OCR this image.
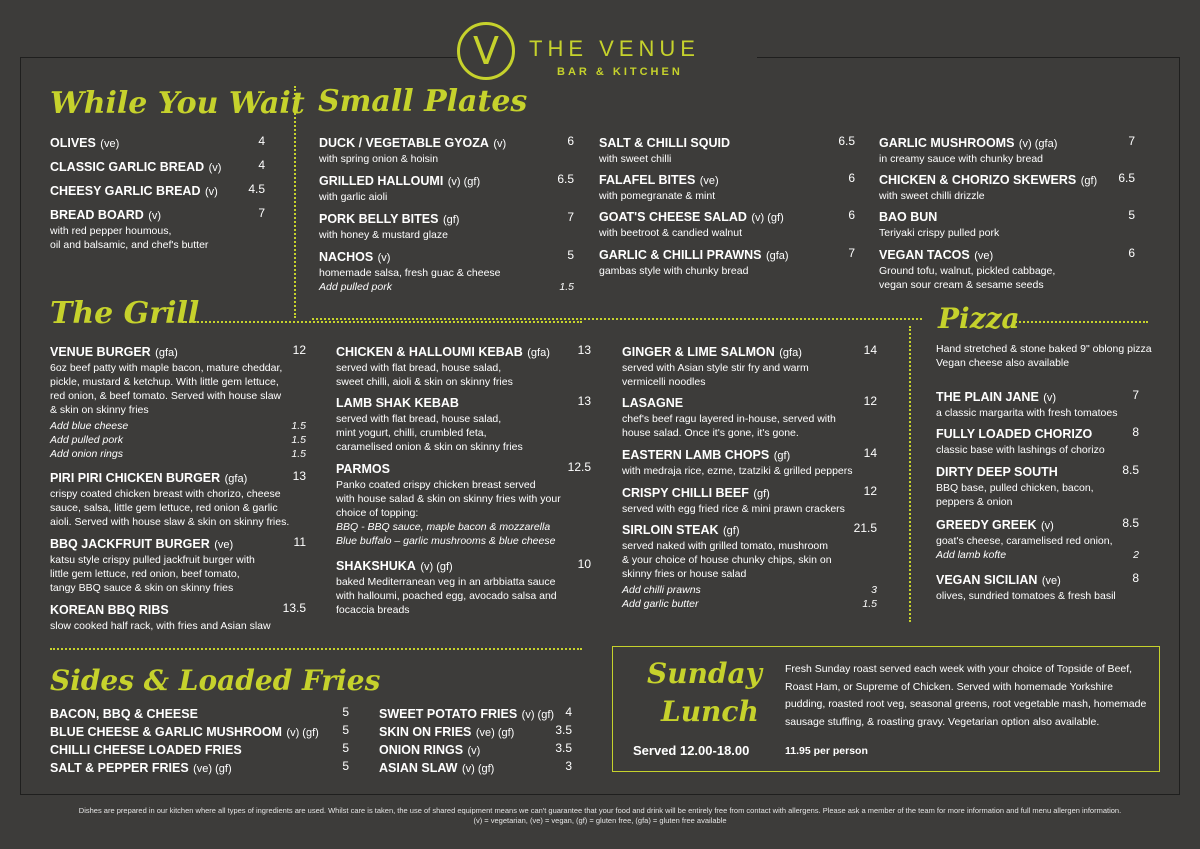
V	THE VENUE
BAR & KITCHEN
While You Wait Small Plates
The Grill	Pizza
Sides & Loaded Fries
Hand stretched & stone baked 9" oblong pizza
Vegan cheese also available
OLIVES (ve)	4
CLASSIC GARLIC BREAD (v)	4
CHEESY GARLIC BREAD (v)	4.5
BREAD BOARD (v)	7
with red pepper houmous,
oil and balsamic, and chef's butter
DUCK / VEGETABLE GYOZA (v)	6
with spring onion & hoisin
GRILLED HALLOUMI (v) (gf)	6.5
with garlic aioli
PORK BELLY BITES (gf)	7
with honey & mustard glaze
NACHOS (v)	5
homemade salsa, fresh guac & cheese
Add pulled pork	1.5
SALT & CHILLI SQUID	6.5
with sweet chilli
FALAFEL BITES (ve)	6
with pomegranate & mint
GOAT'S CHEESE SALAD (v) (gf)	6
with beetroot & candied walnut
GARLIC & CHILLI PRAWNS (gfa)	7
gambas style with chunky bread
GARLIC MUSHROOMS (v) (gfa)	7
in creamy sauce with chunky bread
CHICKEN & CHORIZO SKEWERS (gf) 6.5
with sweet chilli drizzle
BAO BUN	5
Teriyaki crispy pulled pork
VEGAN TACOS (ve)	6
Ground tofu, walnut, pickled cabbage,
vegan sour cream & sesame seeds
VENUE BURGER (gfa)	12
6oz beef patty with maple bacon, mature cheddar,
pickle, mustard & ketchup. With little gem lettuce,
red onion, & beef tomato. Served with house slaw
& skin on skinny fries
Add blue cheese	1.5
Add pulled pork	1.5
Add onion rings	1.5
PIRI PIRI CHICKEN BURGER (gfa)	13
crispy coated chicken breast with chorizo, cheese
sauce, salsa, little gem lettuce, red onion & garlic
aioli. Served with house slaw & skin on skinny fries.
BBQ JACKFRUIT BURGER (ve)	11
katsu style crispy pulled jackfruit burger with
little gem lettuce, red onion, beef tomato,
tangy BBQ sauce & skin on skinny fries
KOREAN BBQ RIBS	13.5
slow cooked half rack, with fries and Asian slaw
CHICKEN & HALLOUMI KEBAB (gfa) 13
served with flat bread, house salad,
sweet chilli, aioli & skin on skinny fries
LAMB SHAK KEBAB	13
served with flat bread, house salad,
mint yogurt, chilli, crumbled feta,
caramelised onion & skin on skinny fries
PARMOS	12.5
Panko coated crispy chicken breast served
with house salad & skin on skinny fries with your
choice of topping:
BBQ - BBQ sauce, maple bacon & mozzarella
Blue buffalo – garlic mushrooms & blue cheese
SHAKSHUKA (v) (gf)	10
baked Mediterranean veg in an arbbiatta sauce
with halloumi, poached egg, avocado salsa and
focaccia breads
GINGER & LIME SALMON (gfa)	14
served with Asian style stir fry and warm
vermicelli noodles
LASAGNE	12
chef's beef ragu layered in-house, served with
house salad. Once it's gone, it's gone.
EASTERN LAMB CHOPS (gf)	14
with medraja rice, ezme, tzatziki & grilled peppers
CRISPY CHILLI BEEF (gf)	12
served with egg fried rice & mini prawn crackers
SIRLOIN STEAK (gf)	21.5
served naked with grilled tomato, mushroom
& your choice of house chunky chips, skin on
skinny fries or house salad
Add chilli prawns	3
Add garlic butter	1.5
THE PLAIN JANE (v)	7
a classic margarita with fresh tomatoes
FULLY LOADED CHORIZO	8
classic base with lashings of chorizo
DIRTY DEEP SOUTH	8.5
BBQ base, pulled chicken, bacon,
peppers & onion
GREEDY GREEK (v)	8.5
goat's cheese, caramelised red onion,
Add lamb kofte	2
VEGAN SICILIAN (ve)	8
olives, sundried tomatoes & fresh basil
BACON, BBQ & CHEESE	5
BLUE CHEESE & GARLIC MUSHROOM (v) (gf) 5
CHILLI CHEESE LOADED FRIES	5
SALT & PEPPER FRIES (ve) (gf)	5
SWEET POTATO FRIES (v) (gf) 4
SKIN ON FRIES (ve) (gf)	3.5
ONION RINGS (v)	3.5
ASIAN SLAW (v) (gf)	3
Sunday
Lunch
Served 12.00-18.00
Fresh Sunday roast served each week with your choice of Topside of Beef,
Roast Ham, or Supreme of Chicken. Served with homemade Yorkshire
pudding, roasted root veg, seasonal greens, root vegetable mash, homemade
sausage stuffing, & roasting gravy. Vegetarian option also available.
11.95 per person
Dishes are prepared in our kitchen where all types of ingredients are used. Whilst care is taken, the use of shared equipment means we can't guarantee that your food and drink will be entirely free from contact with allergens. Please ask a member of the team for more information and full menu allergen information.
(v) = vegetarian, (ve) = vegan, (gf) = gluten free, (gfa) = gluten free available
